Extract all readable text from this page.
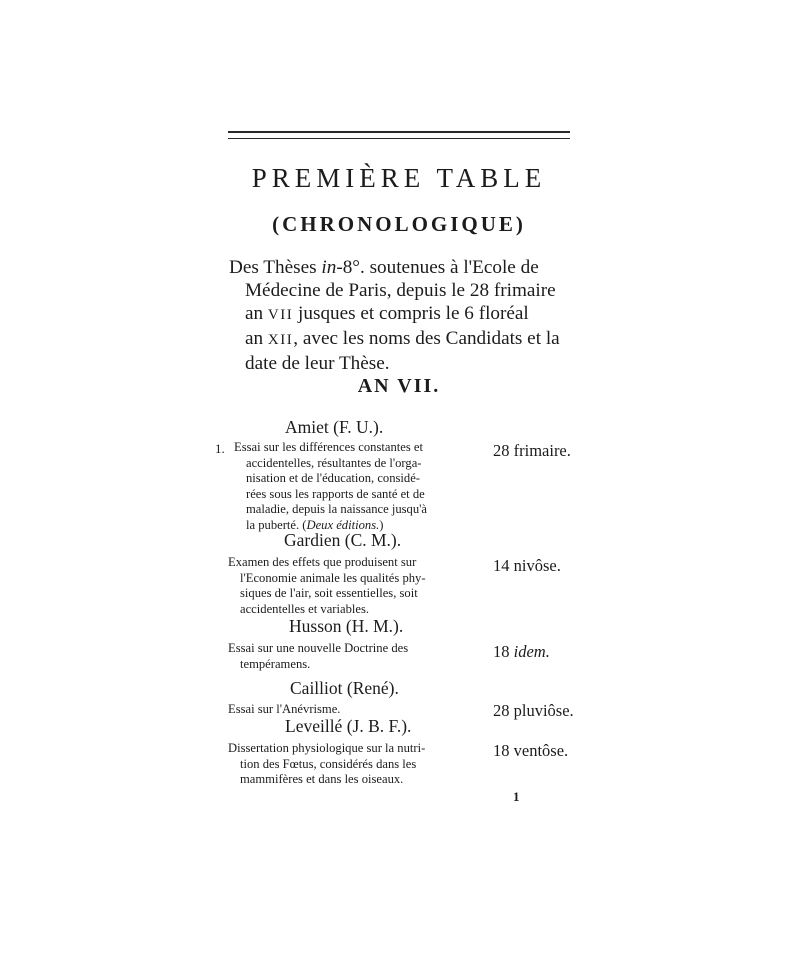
PREMIÈRE TABLE
(CHRONOLOGIQUE)

Des Thèses in-8°. soutenues à l'Ecole de
Médecine de Paris, depuis le 28 frimaire
an VII jusques et compris le 6 floréal
an XII, avec les noms des Candidats et la
date de leur Thèse.

AN VII.
Amiet (F. U.).
1. Essai sur les différences constantes et
accidentelles, résultantes de l'orga-
nisation et de l'éducation, considé-
rées sous les rapports de santé et de
maladie, depuis la naissance jusqu'à
la puberté. (Deux éditions.)
28 frimaire.
Gardien (C. M.).
Examen des effets que produisent sur
l'Economie animale les qualités phy-
siques de l'air, soit essentielles, soit
accidentelles et variables.
14 nivôse.
Husson (H. M.).
Essai sur une nouvelle Doctrine des
tempéramens.
18 idem.
Cailliot (René).
Essai sur l'Anévrisme.	28 pluviôse.
Leveillé (J. B. F.).
Dissertation physiologique sur la nutri-
tion des Fœtus, considérés dans les
mammifères et dans les oiseaux.
18 ventôse.
1
